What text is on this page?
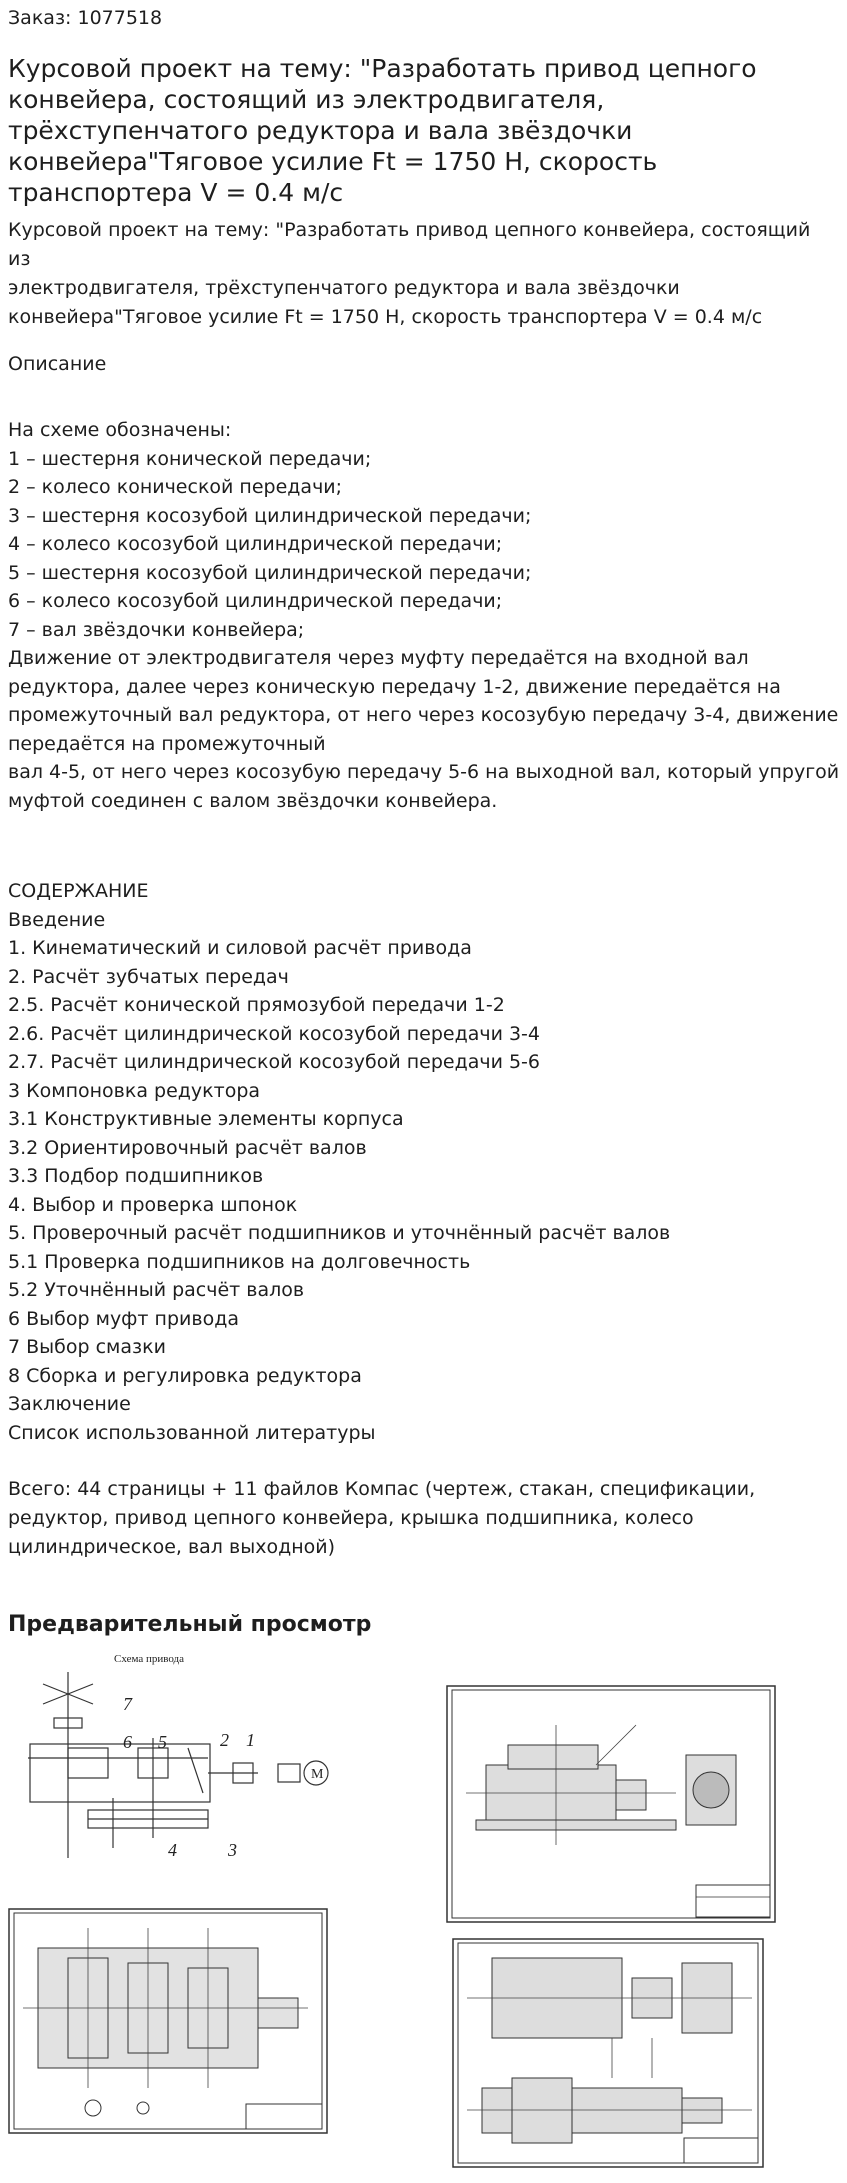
Заказ: 1077518
Курсовой проект на тему: "Разработать привод цепного конвейера, состоящий из электродвигателя, трёхступенчатого редуктора и вала звёздочки конвейера"Тяговое усилие Ft = 1750 Н, скорость транспортера V = 0.4 м/с
Курсовой проект на тему: "Разработать привод цепного конвейера, состоящий из
электродвигателя, трёхступенчатого редуктора и вала звёздочки
конвейера"Тяговое усилие Ft = 1750 Н, скорость транспортера V = 0.4 м/с
Описание
На схеме обозначены:
1 – шестерня конической передачи;
2 – колесо конической передачи;
3 – шестерня косозубой цилиндрической передачи;
4 – колесо косозубой цилиндрической передачи;
5 – шестерня косозубой цилиндрической передачи;
6 – колесо косозубой цилиндрической передачи;
7 – вал звёздочки конвейера;
Движение от электродвигателя через муфту передаётся на входной вал
редуктора, далее через коническую передачу 1-2, движение передаётся на
промежуточный вал редуктора, от него через косозубую передачу 3-4, движение
передаётся на промежуточный
вал 4-5, от него через косозубую передачу 5-6 на выходной вал, который упругой
муфтой соединен с валом звёздочки конвейера.
СОДЕРЖАНИЕ
Введение
1. Кинематический и силовой расчёт привода
2. Расчёт зубчатых передач
2.5. Расчёт конической прямозубой передачи 1-2
2.6. Расчёт цилиндрической косозубой передачи 3-4
2.7. Расчёт цилиндрической косозубой передачи 5-6
3 Компоновка редуктора
3.1 Конструктивные элементы корпуса
3.2 Ориентировочный расчёт валов
3.3 Подбор подшипников
4. Выбор и проверка шпонок
5. Проверочный расчёт подшипников и уточнённый расчёт валов
5.1 Проверка подшипников на долговечность
5.2 Уточнённый расчёт валов
6 Выбор муфт привода
7 Выбор смазки
8 Сборка и регулировка редуктора
Заключение
Список использованной литературы
Всего: 44 страницы + 11 файлов Компас (чертеж, стакан, спецификации,
редуктор, привод цепного конвейера, крышка подшипника, колесо
цилиндрическое, вал выходной)
Предварительный просмотр
Схема привода
M
7
6 5	2 1
4	3
